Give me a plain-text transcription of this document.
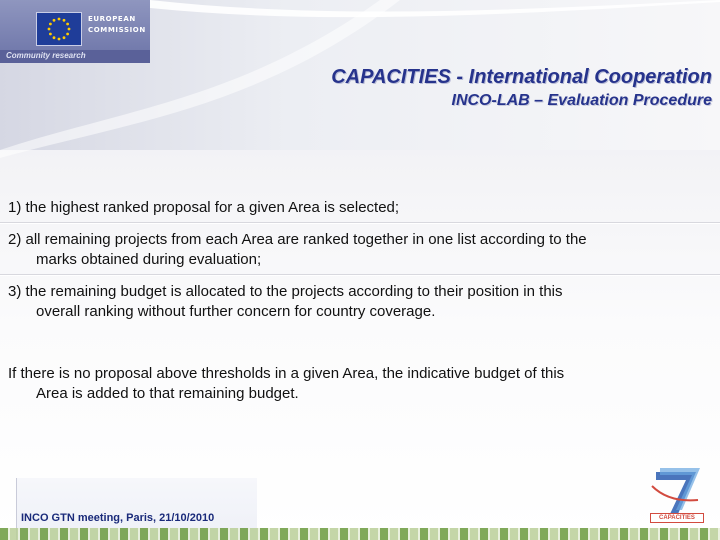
EUROPEAN
COMMISSION
Community research
CAPACITIES - International Cooperation
INCO-LAB – Evaluation Procedure
1) the highest ranked proposal for a given Area is selected;
2) all remaining projects from each Area are ranked together in one list according to the
marks obtained during evaluation;
3) the remaining budget is allocated to the projects according to their position in this
overall ranking without further concern for country coverage.
If there is no proposal above thresholds in a given Area, the indicative budget of this
Area is added to that remaining budget.
INCO GTN meeting, Paris, 21/10/2010	CAPACITIES
